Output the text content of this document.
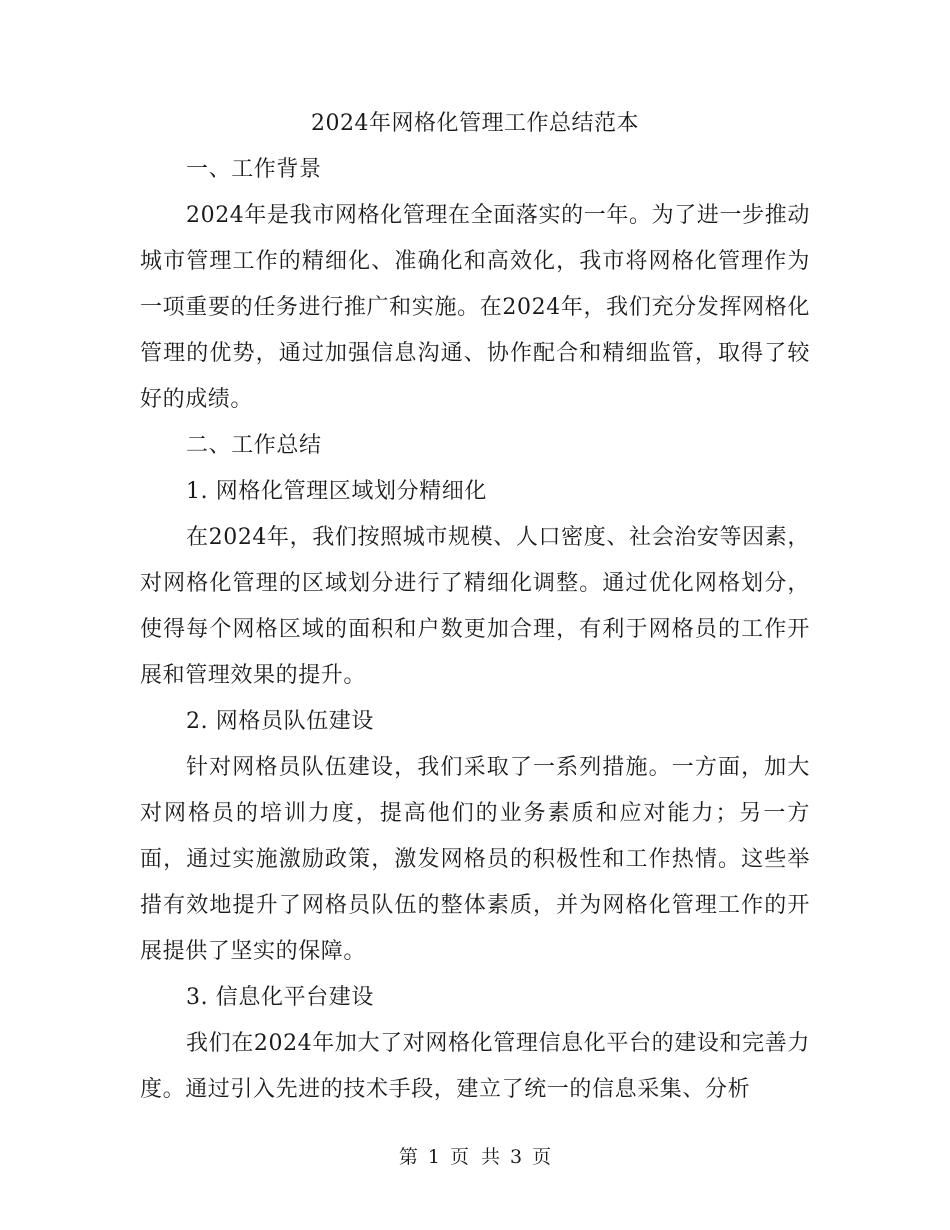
2024年网格化管理工作总结范本

一、工作背景

2024年是我市网格化管理在全面落实的一年。为了进一步推动城市管理工作的精细化、准确化和高效化，我市将网格化管理作为一项重要的任务进行推广和实施。在2024年，我们充分发挥网格化管理的优势，通过加强信息沟通、协作配合和精细监管，取得了较好的成绩。

二、工作总结

1. 网格化管理区域划分精细化

在2024年，我们按照城市规模、人口密度、社会治安等因素，对网格化管理的区域划分进行了精细化调整。通过优化网格划分，使得每个网格区域的面积和户数更加合理，有利于网格员的工作开展和管理效果的提升。

2. 网格员队伍建设

针对网格员队伍建设，我们采取了一系列措施。一方面，加大对网格员的培训力度，提高他们的业务素质和应对能力；另一方面，通过实施激励政策，激发网格员的积极性和工作热情。这些举措有效地提升了网格员队伍的整体素质，并为网格化管理工作的开展提供了坚实的保障。

3. 信息化平台建设

我们在2024年加大了对网格化管理信息化平台的建设和完善力度。通过引入先进的技术手段，建立了统一的信息采集、分析

第 1 页 共 3 页
